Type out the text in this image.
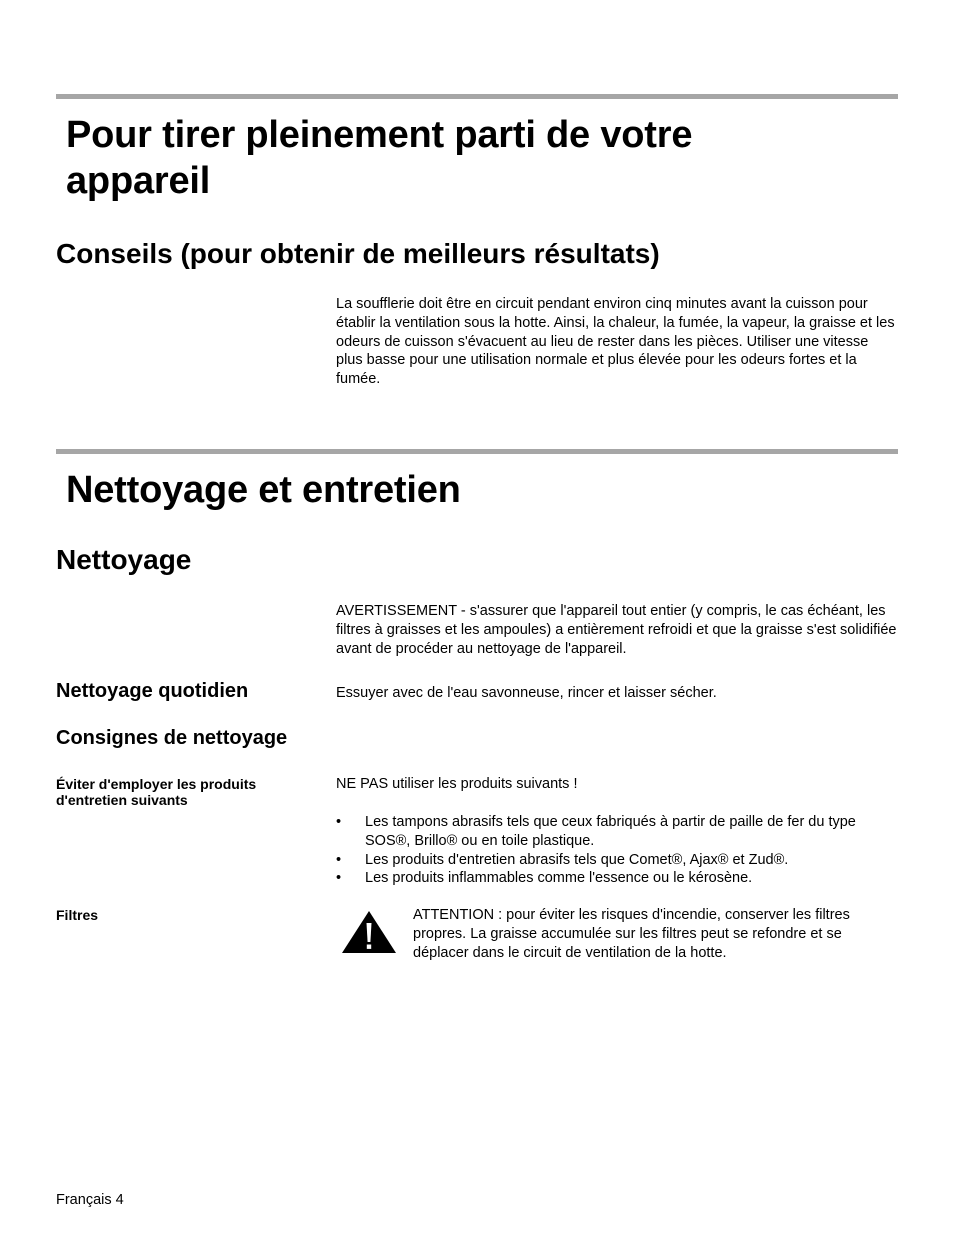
Pour tirer pleinement parti de votre
appareil
Conseils (pour obtenir de meilleurs résultats)

La soufflerie doit être en circuit pendant environ cinq minutes avant la cuisson pour établir la ventilation sous la hotte. Ainsi, la chaleur, la fumée, la vapeur, la graisse et les odeurs de cuisson s'évacuent au lieu de rester dans les pièces. Utiliser une vitesse plus basse pour une utilisation normale et plus élevée pour les odeurs fortes et la fumée.

Nettoyage et entretien
Nettoyage

AVERTISSEMENT - s'assurer que l'appareil tout entier (y compris, le cas échéant, les filtres à graisses et les ampoules) a entièrement refroidi et que la graisse s'est solidifiée avant de procéder au nettoyage de l'appareil.

Nettoyage quotidien	Essuyer avec de l'eau savonneuse, rincer et laisser sécher.

Consignes de nettoyage

Éviter d'employer les produits d'entretien suivants

NE PAS utiliser les produits suivants !

• Les tampons abrasifs tels que ceux fabriqués à partir de paille de fer du type SOS®, Brillo® ou en toile plastique.
• Les produits d'entretien abrasifs tels que Comet®, Ajax® et Zud®.
• Les produits inflammables comme l'essence ou le kérosène.

Filtres	ATTENTION : pour éviter les risques d'incendie, conserver les filtres propres. La graisse accumulée sur les filtres peut se refondre et se déplacer dans le circuit de ventilation de la hotte.

Français 4
